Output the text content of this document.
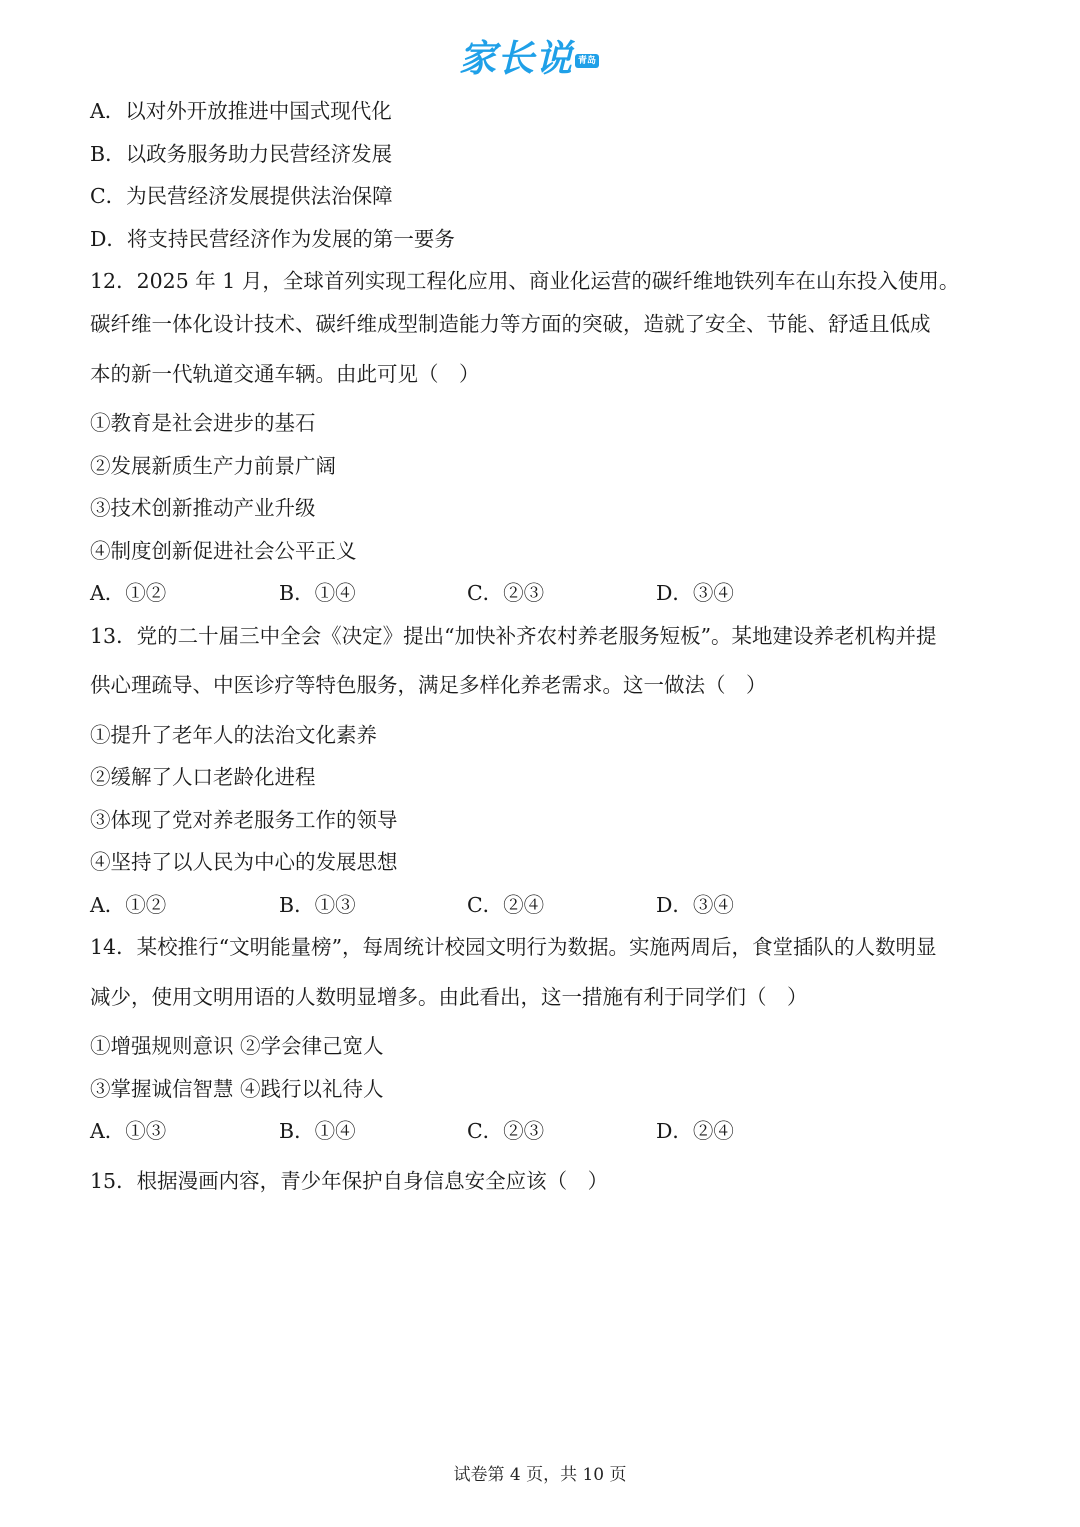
家长说 青岛
A．以对外开放推进中国式现代化
B．以政务服务助力民营经济发展
C．为民营经济发展提供法治保障
D．将支持民营经济作为发展的第一要务
12．2025 年 1 月，全球首列实现工程化应用、商业化运营的碳纤维地铁列车在山东投入使用。
碳纤维一体化设计技术、碳纤维成型制造能力等方面的突破，造就了安全、节能、舒适且低成
本的新一代轨道交通车辆。由此可见（　）
①教育是社会进步的基石
②发展新质生产力前景广阔
③技术创新推动产业升级
④制度创新促进社会公平正义
A．①②	B．①④	C．②③	D．③④
13．党的二十届三中全会《决定》提出“加快补齐农村养老服务短板”。某地建设养老机构并提
供心理疏导、中医诊疗等特色服务，满足多样化养老需求。这一做法（　）
①提升了老年人的法治文化素养
②缓解了人口老龄化进程
③体现了党对养老服务工作的领导
④坚持了以人民为中心的发展思想
A．①②	B．①③	C．②④	D．③④
14．某校推行“文明能量榜”，每周统计校园文明行为数据。实施两周后，食堂插队的人数明显
减少，使用文明用语的人数明显增多。由此看出，这一措施有利于同学们（　）
①增强规则意识 ②学会律己宽人
③掌握诚信智慧 ④践行以礼待人
A．①③	B．①④	C．②③	D．②④
15．根据漫画内容，青少年保护自身信息安全应该（　）
试卷第 4 页，共 10 页
